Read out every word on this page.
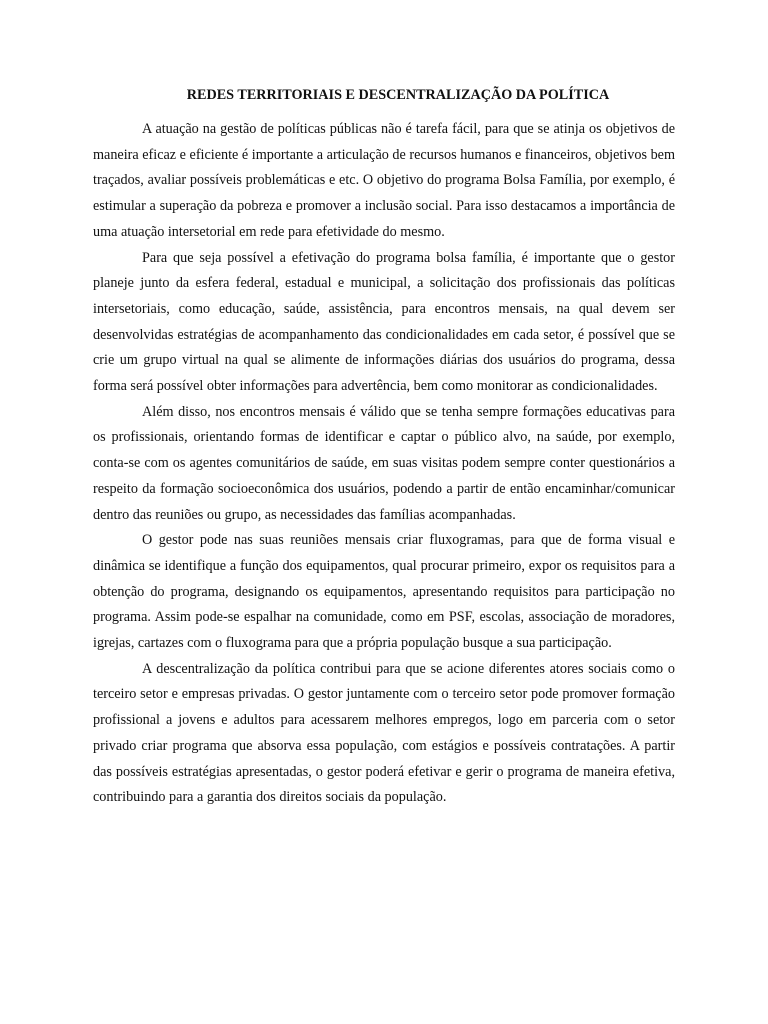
REDES TERRITORIAIS E DESCENTRALIZAÇÃO DA POLÍTICA

A atuação na gestão de políticas públicas não é tarefa fácil, para que se atinja os objetivos de maneira eficaz e eficiente é importante a articulação de recursos humanos e financeiros, objetivos bem traçados, avaliar possíveis problemáticas e etc. O objetivo do programa Bolsa Família, por exemplo, é estimular a superação da pobreza e promover a inclusão social. Para isso destacamos a importância de uma atuação intersetorial em rede para efetividade do mesmo.

Para que seja possível a efetivação do programa bolsa família, é importante que o gestor planeje junto da esfera federal, estadual e municipal, a solicitação dos profissionais das políticas intersetoriais, como educação, saúde, assistência, para encontros mensais, na qual devem ser desenvolvidas estratégias de acompanhamento das condicionalidades em cada setor, é possível que se crie um grupo virtual na qual se alimente de informações diárias dos usuários do programa, dessa forma será possível obter informações para advertência, bem como monitorar as condicionalidades.

Além disso, nos encontros mensais é válido que se tenha sempre formações educativas para os profissionais, orientando formas de identificar e captar o público alvo, na saúde, por exemplo, conta-se com os agentes comunitários de saúde, em suas visitas podem sempre conter questionários a respeito da formação socioeconômica dos usuários, podendo a partir de então encaminhar/comunicar dentro das reuniões ou grupo, as necessidades das famílias acompanhadas.

O gestor pode nas suas reuniões mensais criar fluxogramas, para que de forma visual e dinâmica se identifique a função dos equipamentos, qual procurar primeiro, expor os requisitos para a obtenção do programa, designando os equipamentos, apresentando requisitos para participação no programa. Assim pode-se espalhar na comunidade, como em PSF, escolas, associação de moradores, igrejas, cartazes com o fluxograma para que a própria população busque a sua participação.

A descentralização da política contribui para que se acione diferentes atores sociais como o terceiro setor e empresas privadas. O gestor juntamente com o terceiro setor pode promover formação profissional a jovens e adultos para acessarem melhores empregos, logo em parceria com o setor privado criar programa que absorva essa população, com estágios e possíveis contratações. A partir das possíveis estratégias apresentadas, o gestor poderá efetivar e gerir o programa de maneira efetiva, contribuindo para a garantia dos direitos sociais da população.
